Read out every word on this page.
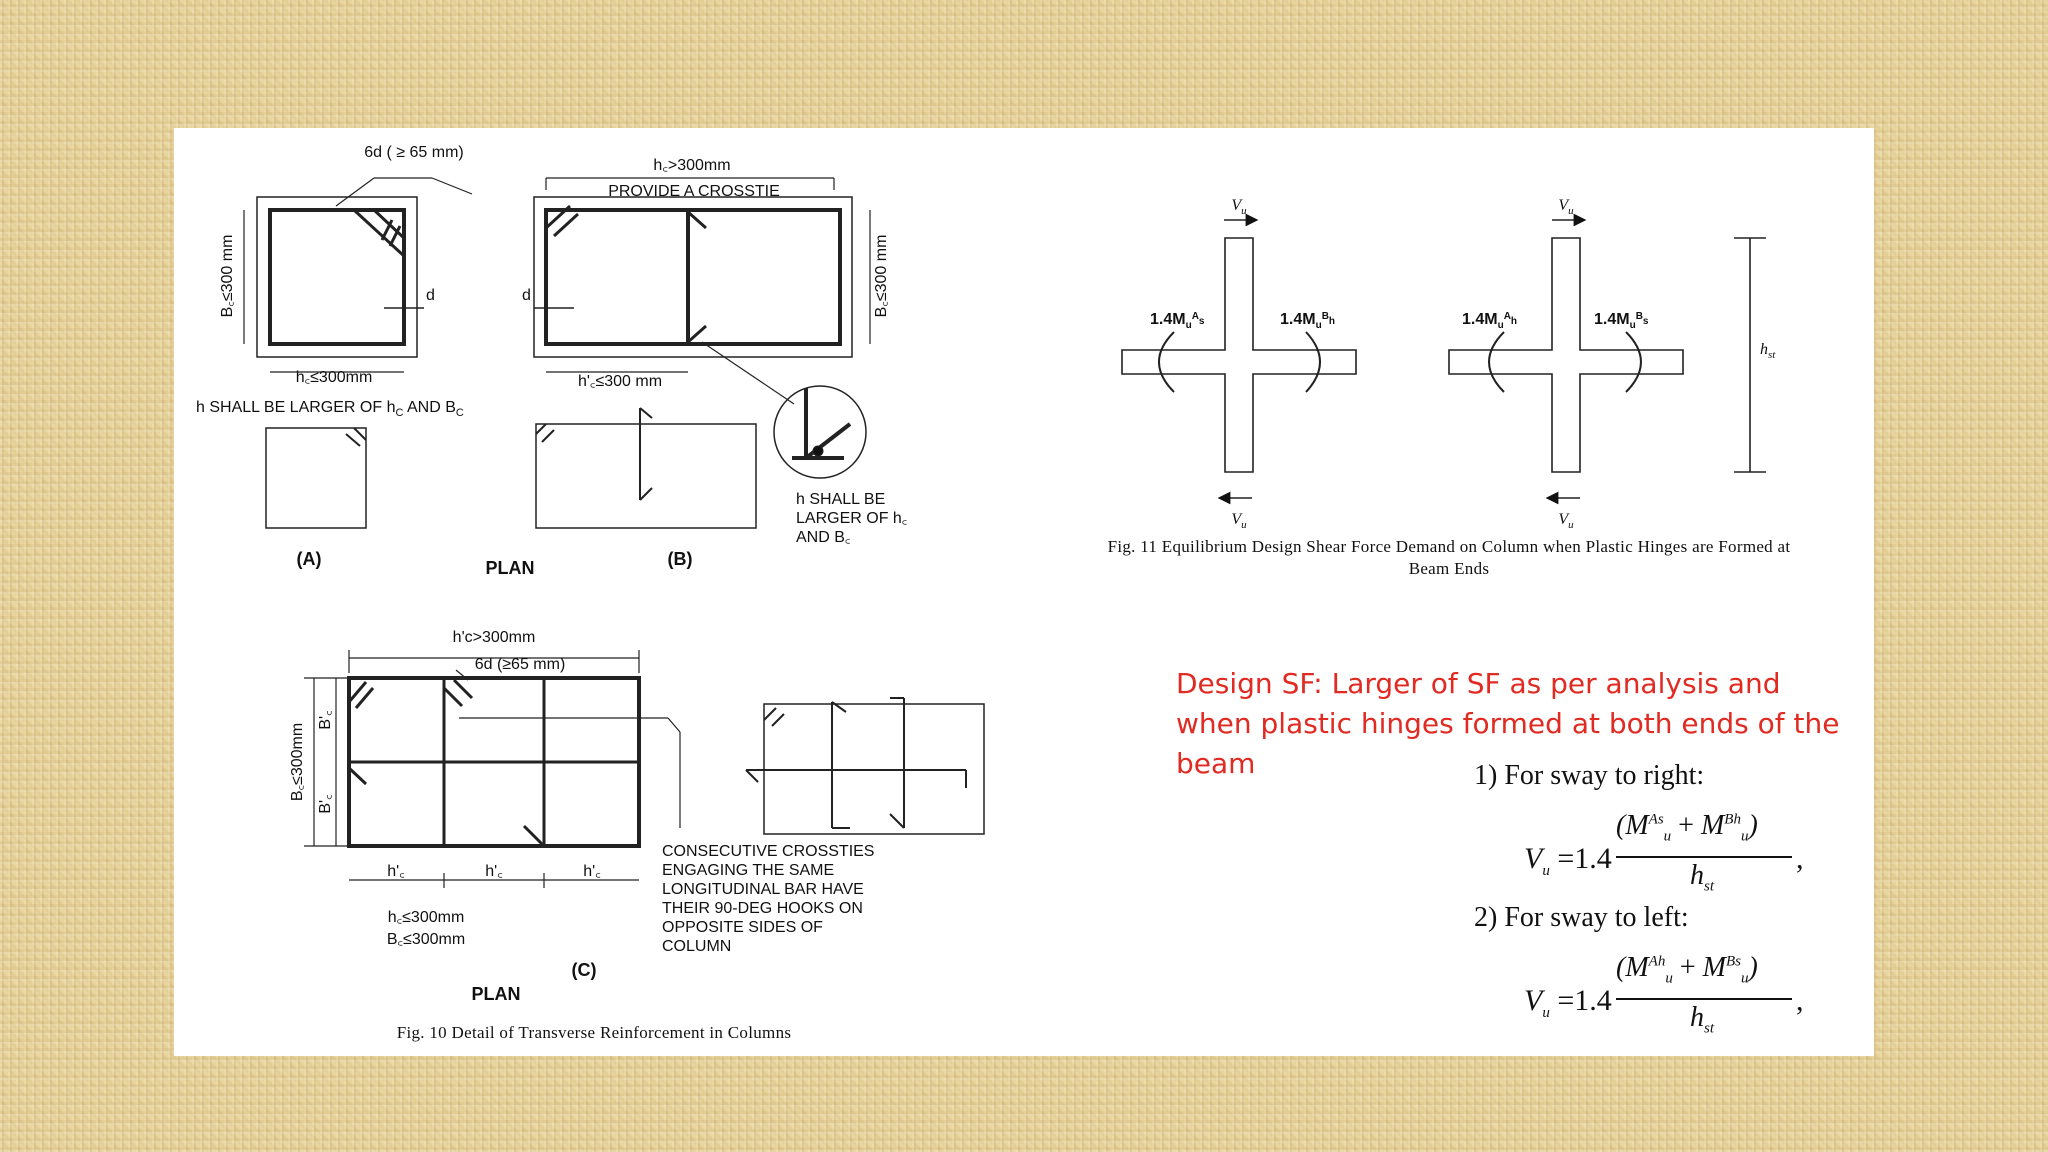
6d ( ≥ 65 mm)
B꜀≤300 mm
h꜀≤300mm
d
h SHALL BE LARGER OF $h_C$ AND $B_C$
(A)
h꜀>300mm
PROVIDE A CROSSTIE
B꜀≤300 mm
h'꜀≤300 mm
d
h SHALL BE
LARGER OF h꜀
AND B꜀
(B)
PLAN
h'c>300mm
6d (≥65 mm)
B꜀≤300mm
B'꜀
B'꜀
h'꜀	h'꜀	h'꜀
h꜀≤300mm
B꜀≤300mm
CONSECUTIVE CROSSTIES
ENGAGING THE SAME
LONGITUDINAL BAR HAVE
THEIR 90-DEG HOOKS ON
OPPOSITE SIDES OF
COLUMN
(C)
PLAN
Fig. 10 Detail of Transverse Reinforcement in Columns
$V_u$
$V_u$
$V_u$
$V_u$
$1.4M_u^A_s$	$1.4M_u^B_h$	$1.4M_u^A_h$	$1.4M_u^B_s$
$h_{st}$
Fig. 11 Equilibrium Design Shear Force Demand on Column when Plastic Hinges are Formed at
Beam Ends
Design SF: Larger of SF as per analysis and when plastic hinges formed at both ends of the beam	1) For sway to right:
$V_u =1.4$
$(M^{As}_u + M^{Bh}_u)$
$h_{st}$
,
2) For sway to left:
$V_u =1.4$
$(M^{Ah}_u + M^{Bs}_u)$
$h_{st}$
,
